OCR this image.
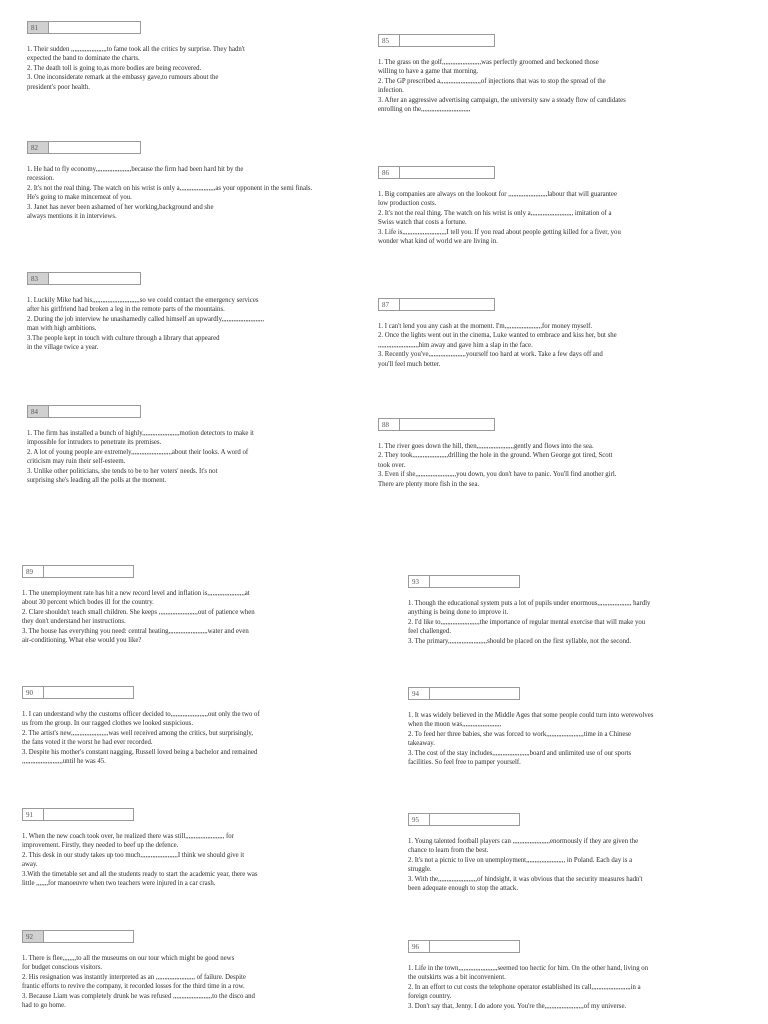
81

1. Their sudden ,,,,,,,,,,,,,,,,,,,,,to fame took all the critics by surprise. They hadn't

expected the band to dominate the charts.

2. The death toll is going to,as more bodies are being recovered.

3. One inconsiderate remark at the embassy gave,to rumours about the

president's poor health.

82

1. He had to fly economy,,,,,,,,,,,,,,,,,,,,,because the firm had been hard hit by the

recession.

2. It's not the real thing. The watch on his wrist is only a,,,,,,,,,,,,,,,,,,,,,as your opponent in the semi finals.

He's going to make mincemeat of you.

3. Janet has never been ashamed of her working,background and she

always mentions it in interviews.

83

1. Luckily Mike had his,,,,,,,,,,,,,,,,,,,,,,,,,,,,so we could contact the emergency services

after his girlfriend had broken a leg in the remote parts of the mountains.

2. During the job interview he unashamedly called himself an upwardly,,,,,,,,,,,,,,,,,,,,,,,,,

man with high ambitions.

3.The people kept in touch with culture through a library that appeared

in the village twice a year.

84

1. The firm has installed a bunch of highly,,,,,,,,,,,,,,,,,,,,,,motion detectors to make it

impossible for intruders to penetrate its premises.

2. A lot of young people are extremely,,,,,,,,,,,,,,,,,,,,,,,,about their looks. A word of

criticism may ruin their self-esteem.

3. Unlike other politicians, she tends to be to her voters' needs. It's not

surprising she's leading all the polls at the moment.

85

1. The grass on the golf,,,,,,,,,,,,,,,,,,,,,,,was perfectly groomed and beckoned those

willing to have a game that morning.

2. The GP prescribed a,,,,,,,,,,,,,,,,,,,,,,,,of injections that was to stop the spread of the

infection.

3. After an aggressive advertising campaign, the university saw a steady flow of candidates

enrolling on the,,,,,,,,,,,,,,,,,,,,,,,,,,,,,

86

1. Big companies are always on the lookout for ,,,,,,,,,,,,,,,,,,,,,,,labour that will guarantee

low production costs.

2. It's not the real thing. The watch on his wrist is only a,,,,,,,,,,,,,,,,,,,,,,,,, imitation of a

Swiss watch that costs a fortune.

3. Life is,,,,,,,,,,,,,,,,,,,,,,,,,,I tell you. If you read about people getting killed for a fiver, you

wonder what kind of world we are living in.

87

1. I can't lend you any cash at the moment. I'm,,,,,,,,,,,,,,,,,,,,,,for money myself.

2. Once the lights went out in the cinema, Luke wanted to embrace and kiss her, but she

,,,,,,,,,,,,,,,,,,,,,,,,him away and gave him a slap in the face.

3. Recently you've,,,,,,,,,,,,,,,,,,,,,,yourself too hard at work. Take a few days off and

you'll feel much better.

88

1. The river goes down the hill, then,,,,,,,,,,,,,,,,,,,,,,gently and flows into the sea.

2. They took,,,,,,,,,,,,,,,,,,,,,drilling the hole in the ground. When George got tired, Scott

took over.

3. Even if she,,,,,,,,,,,,,,,,,,,,,,,,you down, you don't have to panic. You'll find another girl.

There are plenty more fish in the sea.

89

1. The unemployment rate has hit a new record level and inflation is,,,,,,,,,,,,,,,,,,,,,,at

about 30 percent which bodes ill for the country.

2. Clare shouldn't teach small children. She keeps ,,,,,,,,,,,,,,,,,,,,,,,out of patience when

they don't understand her instructions.

3. The house has everything you need: central heating,,,,,,,,,,,,,,,,,,,,,,,water and even

air-conditioning. What else would you like?

90

1. I can understand why the customs officer decided to,,,,,,,,,,,,,,,,,,,,,,out only the two of

us from the group. In our ragged clothes we looked suspicious.

2. The artist's new,,,,,,,,,,,,,,,,,,,,,,was well received among the critics, but surprisingly,

the fans voted it the worst he had ever recorded.

3. Despite his mother's constant nagging, Russell loved being a bachelor and remained

,,,,,,,,,,,,,,,,,,,,,,,,until he was 45.

91

1. When the new coach took over, he realized there was still,,,,,,,,,,,,,,,,,,,,,,, for

improvement. Firstly, they needed to beef up the defence.

2. This desk in our study takes up too much,,,,,,,,,,,,,,,,,,,,,,I think we should give it

away.

3.With the timetable set and all the students ready to start the academic year, there was

little ,,,,,,,for manoeuvre when two teachers were injured in a car crash.

92

1. There is flee,,,,,,,,to all the museums on our tour which might be good news

for budget conscious visitors.

2. His resignation was instantly interpreted as an ,,,,,,,,,,,,,,,,,,,,,,, of failure. Despite

frantic efforts to revive the company, it recorded losses for the third time in a row.

3. Because Liam was completely drunk he was refused ,,,,,,,,,,,,,,,,,,,,,,,to the disco and

had to go home.

93

1. Though the educational system puts a lot of pupils under enormous,,,,,,,,,,,,,,,,,,,, hardly

anything is being done to improve it.

2. I'd like to,,,,,,,,,,,,,,,,,,,,,,,the importance of regular mental exercise that will make you

feel challenged.

3. The primary,,,,,,,,,,,,,,,,,,,,,,,should be placed on the first syllable, not the second.

94

1. It was widely believed in the Middle Ages that some people could turn into werewolves

when the moon was,,,,,,,,,,,,,,,,,,,,,,,

2. To feed her three babies, she was forced to work,,,,,,,,,,,,,,,,,,,,,,time in a Chinese

takeaway.

3. The cost of the stay includes,,,,,,,,,,,,,,,,,,,,,,board and unlimited use of our sports

facilities. So feel free to pamper yourself.

95

1. Young talented football players can ,,,,,,,,,,,,,,,,,,,,,,enormously if they are given the

chance to learn from the best.

2. It's not a picnic to live on unemployment,,,,,,,,,,,,,,,,,,,,,,, in Poland. Each day is a

struggle.

3. With the,,,,,,,,,,,,,,,,,,,,,,,of hindsight, it was obvious that the security measures hadn't

been adequate enough to stop the attack.

96

1. Life in the town,,,,,,,,,,,,,,,,,,,,,,,seemed too hectic for him. On the other hand, living on

the outskirts was a bit inconvenient.

2. In an effort to cut costs the telephone operator established its call,,,,,,,,,,,,,,,,,,,,,,,in a

foreign country.

3. Don't say that, Jenny. I do adore you. You're the,,,,,,,,,,,,,,,,,,,,,,,of my universe.
